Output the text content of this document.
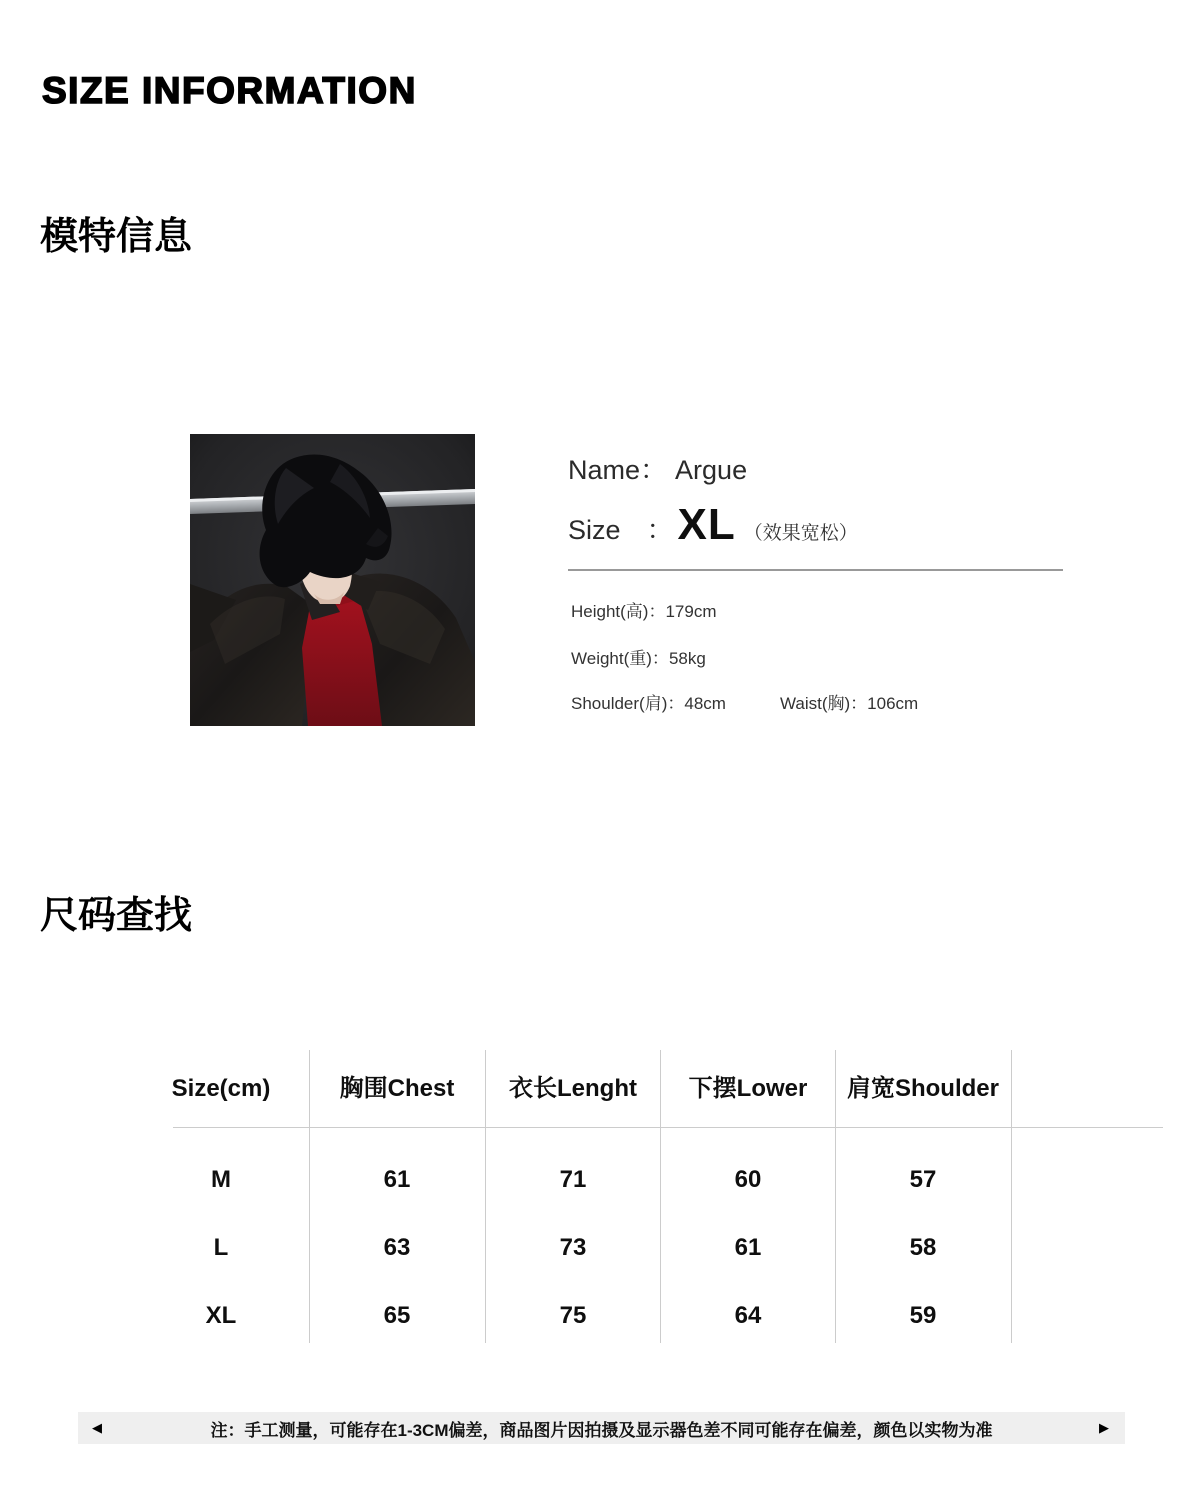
SIZE INFORMATION
模特信息
Name： Argue
Size ： XL （效果宽松）
Height(高)：179cm
Weight(重)：58kg
Shoulder(肩)：48cm	Waist(胸)：106cm
尺码查找
Size(cm)	胸围Chest	衣长Lenght	下摆Lower	肩宽Shoulder
M	61	71	60	57
L	63	73	61	58
XL	65	75	64	59
◀	注：手工测量，可能存在1-3CM偏差，商品图片因拍摄及显示器色差不同可能存在偏差，颜色以实物为准	▶
